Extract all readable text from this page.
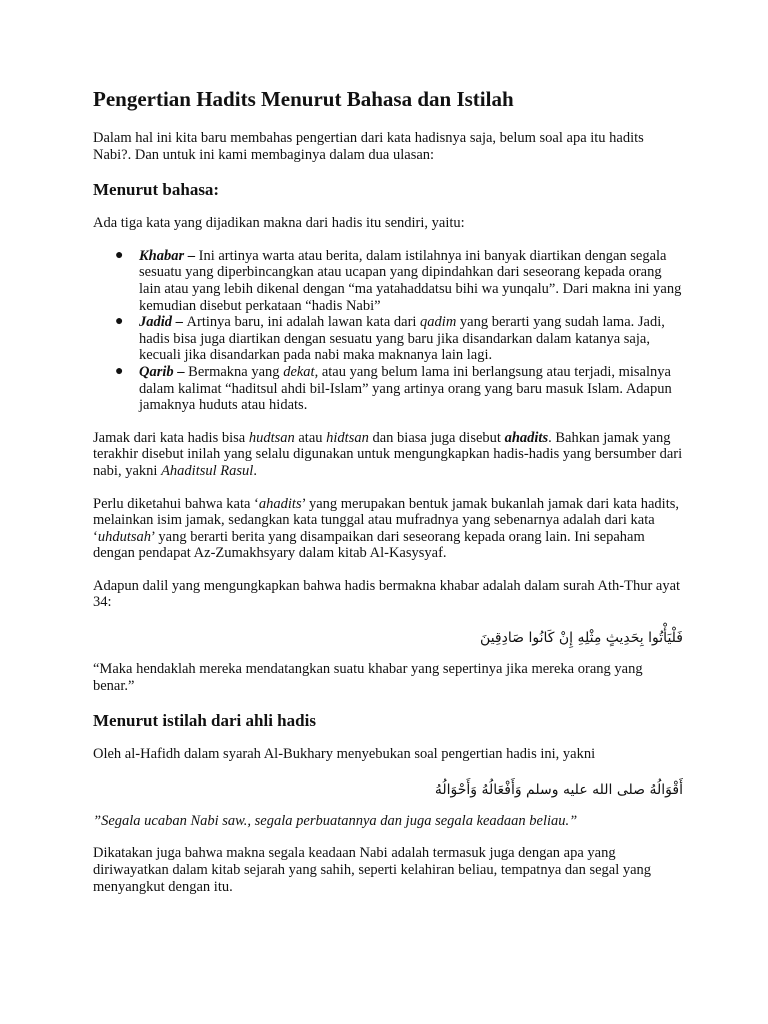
Pengertian Hadits Menurut Bahasa dan Istilah

Dalam hal ini kita baru membahas pengertian dari kata hadisnya saja, belum soal apa itu hadits Nabi?. Dan untuk ini kami membaginya dalam dua ulasan:

Menurut bahasa:

Ada tiga kata yang dijadikan makna dari hadis itu sendiri, yaitu:

● Khabar – Ini artinya warta atau berita, dalam istilahnya ini banyak diartikan dengan segala sesuatu yang diperbincangkan atau ucapan yang dipindahkan dari seseorang kepada orang lain atau yang lebih dikenal dengan “ma yatahaddatsu bihi wa yunqalu”. Dari makna ini yang kemudian disebut perkataan “hadis Nabi”
● Jadid – Artinya baru, ini adalah lawan kata dari qadim yang berarti yang sudah lama. Jadi, hadis bisa juga diartikan dengan sesuatu yang baru jika disandarkan dalam katanya saja, kecuali jika disandarkan pada nabi maka maknanya lain lagi.
● Qarib – Bermakna yang dekat, atau yang belum lama ini berlangsung atau terjadi, misalnya dalam kalimat “haditsul ahdi bil-Islam” yang artinya orang yang baru masuk Islam. Adapun jamaknya huduts atau hidats.

Jamak dari kata hadis bisa hudtsan atau hidtsan dan biasa juga disebut ahadits. Bahkan jamak yang terakhir disebut inilah yang selalu digunakan untuk mengungkapkan hadis-hadis yang bersumber dari nabi, yakni Ahaditsul Rasul.

Perlu diketahui bahwa kata ‘ahadits’ yang merupakan bentuk jamak bukanlah jamak dari kata hadits, melainkan isim jamak, sedangkan kata tunggal atau mufradnya yang sebenarnya adalah dari kata ‘uhdutsah’ yang berarti berita yang disampaikan dari seseorang kepada orang lain. Ini sepaham dengan pendapat Az-Zumakhsyary dalam kitab Al-Kasysyaf.

Adapun dalil yang mengungkapkan bahwa hadis bermakna khabar adalah dalam surah Ath-Thur ayat 34:

فَلْيَأْتُوا بِحَدِيثٍ مِثْلِهِ إِنْ كَانُوا صَادِقِينَ

“Maka hendaklah mereka mendatangkan suatu khabar yang sepertinya jika mereka orang yang benar.”

Menurut istilah dari ahli hadis

Oleh al-Hafidh dalam syarah Al-Bukhary menyebukan soal pengertian hadis ini, yakni

أَقْوَالُهُ صلى الله عليه وسلم وَأَفْعَالُهُ وَأَحْوَالُهُ

”Segala ucaban Nabi saw., segala perbuatannya dan juga segala keadaan beliau.”

Dikatakan juga bahwa makna segala keadaan Nabi adalah termasuk juga dengan apa yang diriwayatkan dalam kitab sejarah yang sahih, seperti kelahiran beliau, tempatnya dan segal yang menyangkut dengan itu.
